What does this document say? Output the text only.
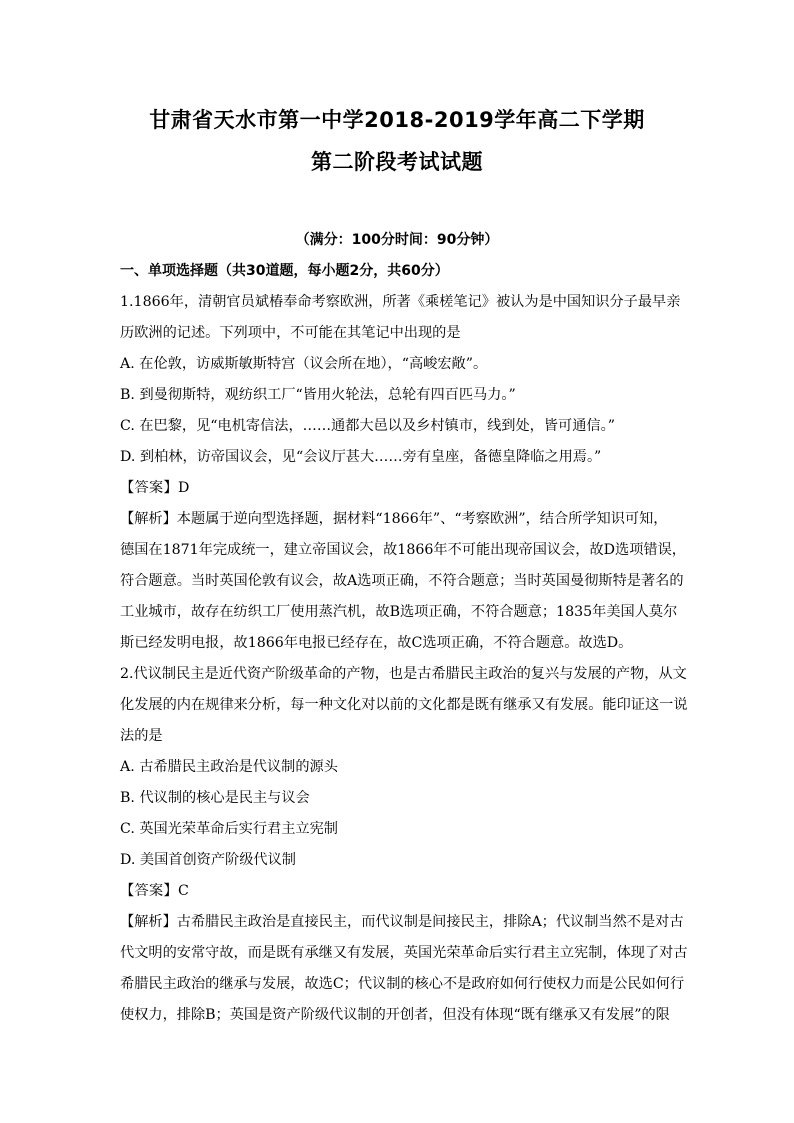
甘肃省天水市第一中学2018-2019学年高二下学期
第二阶段考试试题
（满分：100分时间：90分钟）
一、单项选择题（共30道题，每小题2分，共60分）
1.1866年，清朝官员斌椿奉命考察欧洲，所著《乘槎笔记》被认为是中国知识分子最早亲
历欧洲的记述。下列项中，不可能在其笔记中出现的是
A. 在伦敦，访威斯敏斯特宫（议会所在地），“高峻宏敞”。
B. 到曼彻斯特，观纺织工厂“皆用火轮法，总轮有四百匹马力。”
C. 在巴黎，见“电机寄信法，……通都大邑以及乡村镇市，线到处，皆可通信。”
D. 到柏林，访帝国议会，见“会议厅甚大……旁有皇座，备德皇降临之用焉。”
【答案】D
【解析】本题属于逆向型选择题，据材料“1866年”、“考察欧洲”，结合所学知识可知，
德国在1871年完成统一，建立帝国议会，故1866年不可能出现帝国议会，故D选项错误，
符合题意。当时英国伦敦有议会，故A选项正确，不符合题意；当时英国曼彻斯特是著名的
工业城市，故存在纺织工厂使用蒸汽机，故B选项正确，不符合题意；1835年美国人莫尔
斯已经发明电报，故1866年电报已经存在，故C选项正确，不符合题意。故选D。
2.代议制民主是近代资产阶级革命的产物，也是古希腊民主政治的复兴与发展的产物，从文
化发展的内在规律来分析，每一种文化对以前的文化都是既有继承又有发展。能印证这一说
法的是
A. 古希腊民主政治是代议制的源头
B. 代议制的核心是民主与议会
C. 英国光荣革命后实行君主立宪制
D. 美国首创资产阶级代议制
【答案】C
【解析】古希腊民主政治是直接民主，而代议制是间接民主，排除A；代议制当然不是对古
代文明的安常守故，而是既有承继又有发展，英国光荣革命后实行君主立宪制，体现了对古
希腊民主政治的继承与发展，故选C；代议制的核心不是政府如何行使权力而是公民如何行
使权力，排除B；英国是资产阶级代议制的开创者，但没有体现“既有继承又有发展”的限
